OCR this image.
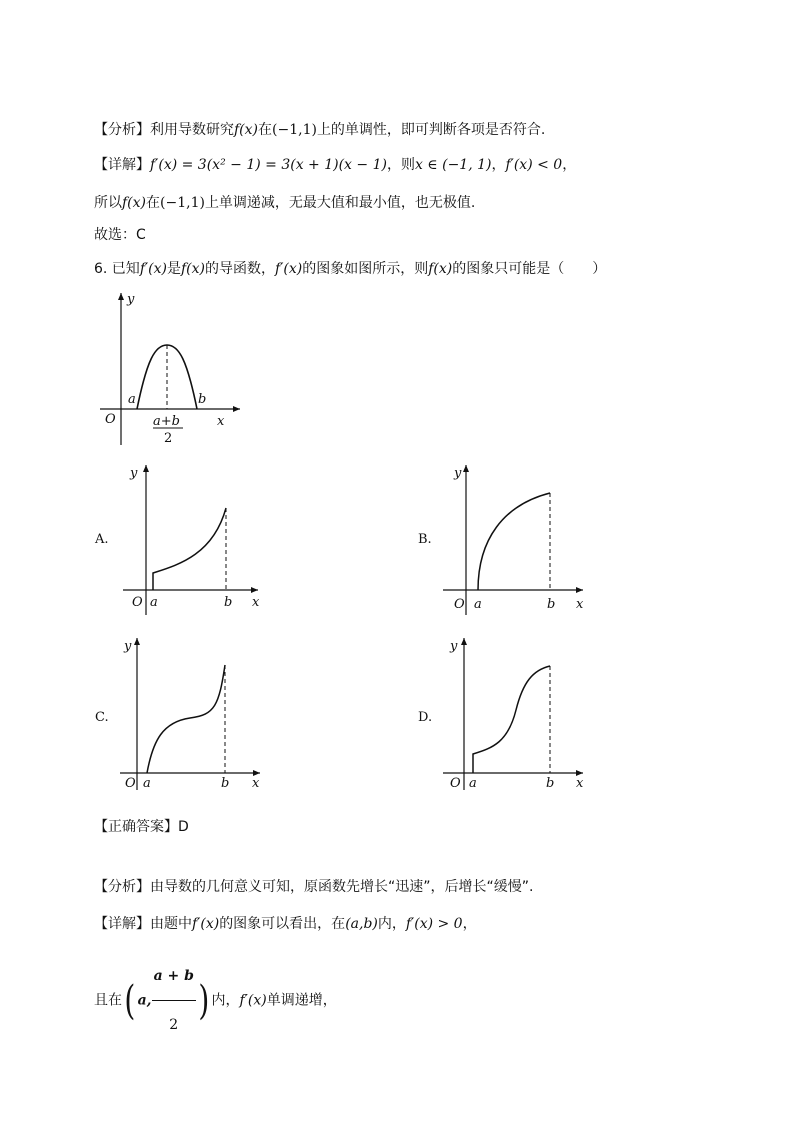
【分析】利用导数研究f(x)在(−1,1)上的单调性，即可判断各项是否符合.
【详解】f′(x) = 3(x² − 1) = 3(x + 1)(x − 1)，则x ∈ (−1, 1)，f′(x) < 0，
所以f(x)在(−1,1)上单调递减，无最大值和最小值，也无极值.
故选：C
6. 已知f′(x)是f(x)的导函数，f′(x)的图象如图所示，则f(x)的图象只可能是（　　）
y
x
O
a	b
a+b
2
A.
y
x
O a	b
B.
y
x
O a	b
C.
y
x
O a	b
D.
y
x
O a	b
【正确答案】D
【分析】由导数的几何意义可知，原函数先增长“迅速”，后增长“缓慢”.
【详解】由题中f′(x)的图象可以看出，在(a,b)内，f′(x) > 0，
且在( a, $\frac{a + b}{2}$ ) 内，f′(x)单调递增，
